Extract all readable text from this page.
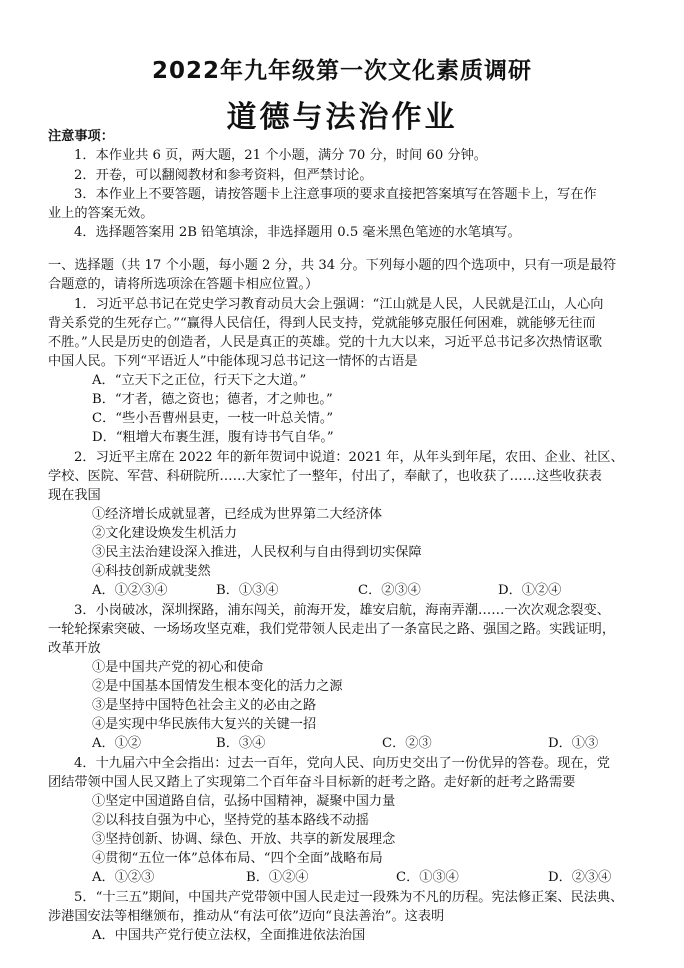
2022年九年级第一次文化素质调研
道德与法治作业
注意事项：
1．本作业共 6 页，两大题，21 个小题，满分 70 分，时间 60 分钟。
2．开卷，可以翻阅教材和参考资料，但严禁讨论。
3．本作业上不要答题，请按答题卡上注意事项的要求直接把答案填写在答题卡上，写在作
业上的答案无效。
4．选择题答案用 2B 铅笔填涂，非选择题用 0.5 毫米黑色笔迹的水笔填写。
一、选择题（共 17 个小题，每小题 2 分，共 34 分。下列每小题的四个选项中，只有一项是最符
合题意的，请将所选项涂在答题卡相应位置。）
1．习近平总书记在党史学习教育动员大会上强调：“江山就是人民，人民就是江山，人心向
背关系党的生死存亡。”“赢得人民信任，得到人民支持，党就能够克服任何困难，就能够无往而
不胜。”人民是历史的创造者，人民是真正的英雄。党的十九大以来，习近平总书记多次热情讴歌
中国人民。下列“平语近人”中能体现习总书记这一情怀的古语是
A．“立天下之正位，行天下之大道。”
B．“才者，德之资也；德者，才之帅也。”
C．“些小吾曹州县吏，一枝一叶总关情。”
D．“粗增大布裹生涯，腹有诗书气自华。”
2．习近平主席在 2022 年的新年贺词中说道：2021 年，从年头到年尾，农田、企业、社区、
学校、医院、军营、科研院所……大家忙了一整年，付出了，奉献了，也收获了……这些收获表
现在我国
①经济增长成就显著，已经成为世界第二大经济体
②文化建设焕发生机活力
③民主法治建设深入推进，人民权利与自由得到切实保障
④科技创新成就斐然
A．①②③④	B．①③④	C．②③④	D．①②④
3．小岗破冰，深圳探路，浦东闯关，前海开发，雄安启航，海南弄潮……一次次观念裂变、
一轮轮探索突破、一场场攻坚克难，我们党带领人民走出了一条富民之路、强国之路。实践证明，
改革开放
①是中国共产党的初心和使命
②是中国基本国情发生根本变化的活力之源
③是坚持中国特色社会主义的必由之路
④是实现中华民族伟大复兴的关键一招
A．①②	B．③④	C．②③	D．①③
4．十九届六中全会指出：过去一百年，党向人民、向历史交出了一份优异的答卷。现在，党
团结带领中国人民又踏上了实现第二个百年奋斗目标新的赶考之路。走好新的赶考之路需要
①坚定中国道路自信，弘扬中国精神，凝聚中国力量
②以科技自强为中心，坚持党的基本路线不动摇
③坚持创新、协调、绿色、开放、共享的新发展理念
④贯彻“五位一体”总体布局、“四个全面”战略布局
A．①②③	B．①②④	C．①③④	D．②③④
5．“十三五”期间，中国共产党带领中国人民走过一段殊为不凡的历程。宪法修正案、民法典、
涉港国安法等相继颁布，推动从“有法可依”迈向“良法善治”。这表明
A．中国共产党行使立法权，全面推进依法治国
